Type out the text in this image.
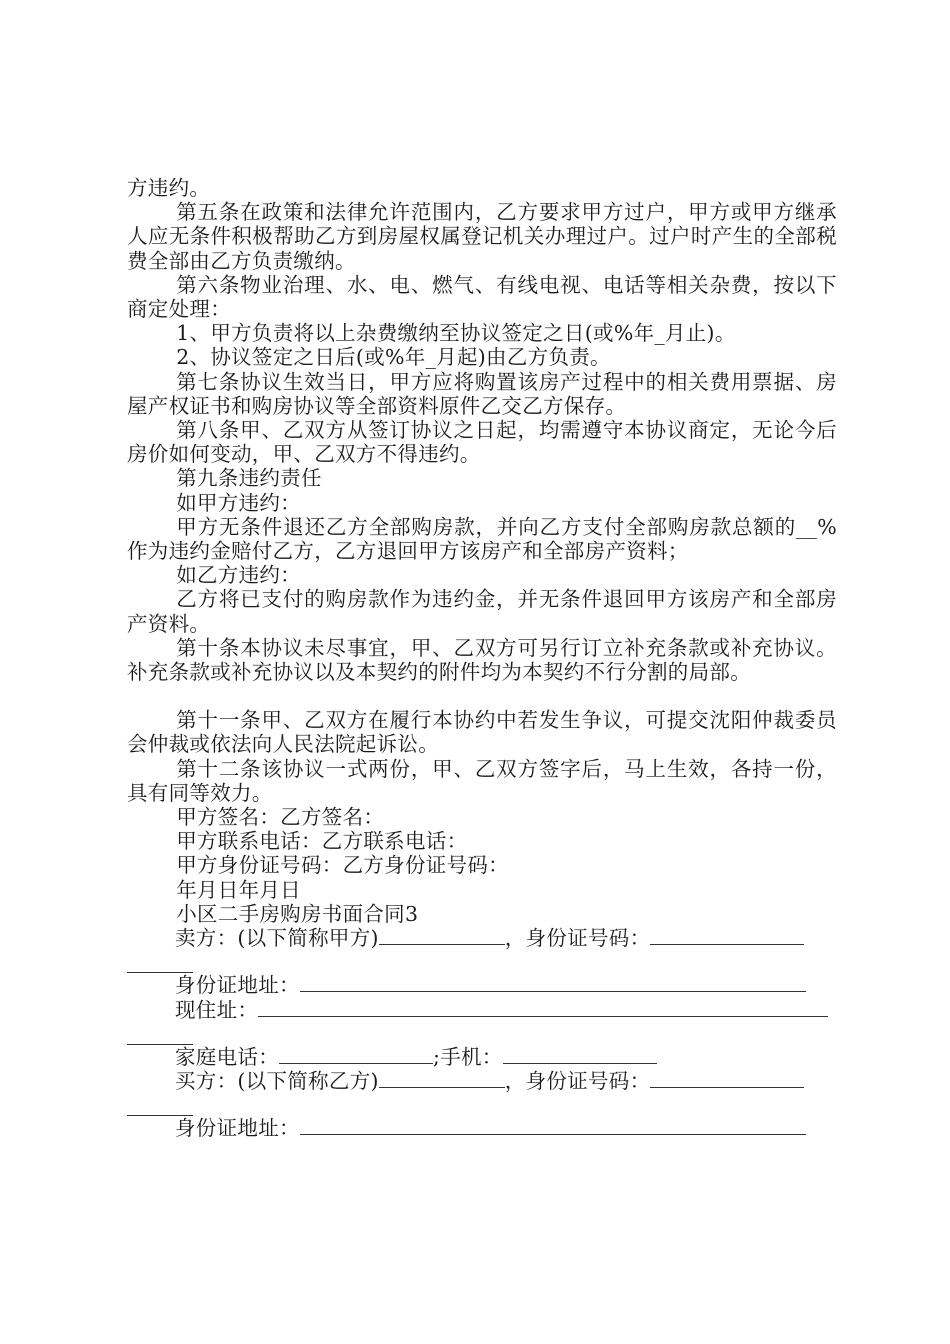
方违约。

第五条在政策和法律允许范围内，乙方要求甲方过户，甲方或甲方继承人应无条件积极帮助乙方到房屋权属登记机关办理过户。过户时产生的全部税费全部由乙方负责缴纳。

第六条物业治理、水、电、燃气、有线电视、电话等相关杂费，按以下商定处理：

1、甲方负责将以上杂费缴纳至协议签定之日(或%年_月止)。

2、协议签定之日后(或%年_月起)由乙方负责。

第七条协议生效当日，甲方应将购置该房产过程中的相关费用票据、房屋产权证书和购房协议等全部资料原件乙交乙方保存。

第八条甲、乙双方从签订协议之日起，均需遵守本协议商定，无论今后房价如何变动，甲、乙双方不得违约。

第九条违约责任

如甲方违约：

甲方无条件退还乙方全部购房款，并向乙方支付全部购房款总额的__%作为违约金赔付乙方，乙方退回甲方该房产和全部房产资料；

如乙方违约：

乙方将已支付的购房款作为违约金，并无条件退回甲方该房产和全部房产资料。

第十条本协议未尽事宜，甲、乙双方可另行订立补充条款或补充协议。补充条款或补充协议以及本契约的附件均为本契约不行分割的局部。

第十一条甲、乙双方在履行本协约中若发生争议，可提交沈阳仲裁委员会仲裁或依法向人民法院起诉讼。

第十二条该协议一式两份，甲、乙双方签字后，马上生效，各持一份，具有同等效力。

甲方签名：乙方签名：

甲方联系电话：乙方联系电话：

甲方身份证号码：乙方身份证号码：

年月日年月日

小区二手房购房书面合同3

卖方：(以下简称甲方)	，身份证号码：
身份证地址：
现住址：
家庭电话：	;手机：
买方：(以下简称乙方)	，身份证号码：
身份证地址：
